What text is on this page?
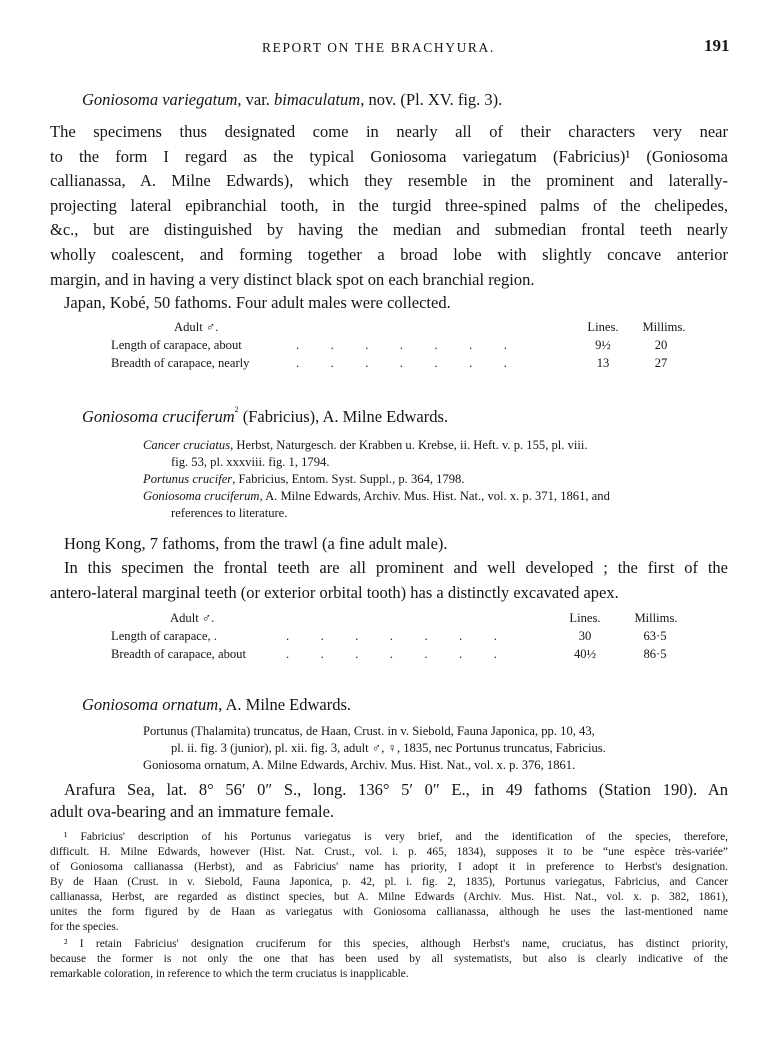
REPORT ON THE BRACHYURA.	191
Goniosoma variegatum, var. bimaculatum, nov. (Pl. XV. fig. 3).
The specimens thus designated come in nearly all of their characters very near
to the form I regard as the typical Goniosoma variegatum (Fabricius)¹ (Goniosoma
callianassa, A. Milne Edwards), which they resemble in the prominent and laterally-
projecting lateral epibranchial tooth, in the turgid three-spined palms of the chelipedes,
&c., but are distinguished by having the median and submedian frontal teeth nearly
wholly coalescent, and forming together a broad lobe with slightly concave anterior
margin, and in having a very distinct black spot on each branchial region.
Japan, Kobé, 50 fathoms. Four adult males were collected.
Adult ♂.	Lines.	Millims.
Length of carapace, about	.          .          .          .          .          .          .	9½	20
Breadth of carapace, nearly	.          .          .          .          .          .          .	13	27
Goniosoma cruciferum$^2$ (Fabricius), A. Milne Edwards.
Cancer cruciatus, Herbst, Naturgesch. der Krabben u. Krebse, ii. Heft. v. p. 155, pl. viii.
fig. 53, pl. xxxviii. fig. 1, 1794.
Portunus crucifer, Fabricius, Entom. Syst. Suppl., p. 364, 1798.
Goniosoma cruciferum, A. Milne Edwards, Archiv. Mus. Hist. Nat., vol. x. p. 371, 1861, and
references to literature.
Hong Kong, 7 fathoms, from the trawl (a fine adult male).
In this specimen the frontal teeth are all prominent and well developed ; the first of the
antero-lateral marginal teeth (or exterior orbital tooth) has a distinctly excavated apex.
Adult ♂.	Lines.	Millims.
Length of carapace, .	.          .          .          .          .          .          .	30	63·5
Breadth of carapace, about	.          .          .          .          .          .          .	40½	86·5
Goniosoma ornatum, A. Milne Edwards.
Portunus (Thalamita) truncatus, de Haan, Crust. in v. Siebold, Fauna Japonica, pp. 10, 43,
pl. ii. fig. 3 (junior), pl. xii. fig. 3, adult ♂, ♀, 1835, nec Portunus truncatus, Fabricius.
Goniosoma ornatum, A. Milne Edwards, Archiv. Mus. Hist. Nat., vol. x. p. 376, 1861.
Arafura Sea, lat. 8° 56′ 0″ S., long. 136° 5′ 0″ E., in 49 fathoms (Station 190). An
adult ova-bearing and an immature female.
¹ Fabricius' description of his Portunus variegatus is very brief, and the identification of the species, therefore,
difficult. H. Milne Edwards, however (Hist. Nat. Crust., vol. i. p. 465, 1834), supposes it to be “une espèce très-variée”
of Goniosoma callianassa (Herbst), and as Fabricius' name has priority, I adopt it in preference to Herbst's designation.
By de Haan (Crust. in v. Siebold, Fauna Japonica, p. 42, pl. i. fig. 2, 1835), Portunus variegatus, Fabricius, and Cancer
callianassa, Herbst, are regarded as distinct species, but A. Milne Edwards (Archiv. Mus. Hist. Nat., vol. x. p. 382, 1861),
unites the form figured by de Haan as variegatus with Goniosoma callianassa, although he uses the last-mentioned name
for the species.
² I retain Fabricius' designation cruciferum for this species, although Herbst's name, cruciatus, has distinct priority,
because the former is not only the one that has been used by all systematists, but also is clearly indicative of the
remarkable coloration, in reference to which the term cruciatus is inapplicable.
